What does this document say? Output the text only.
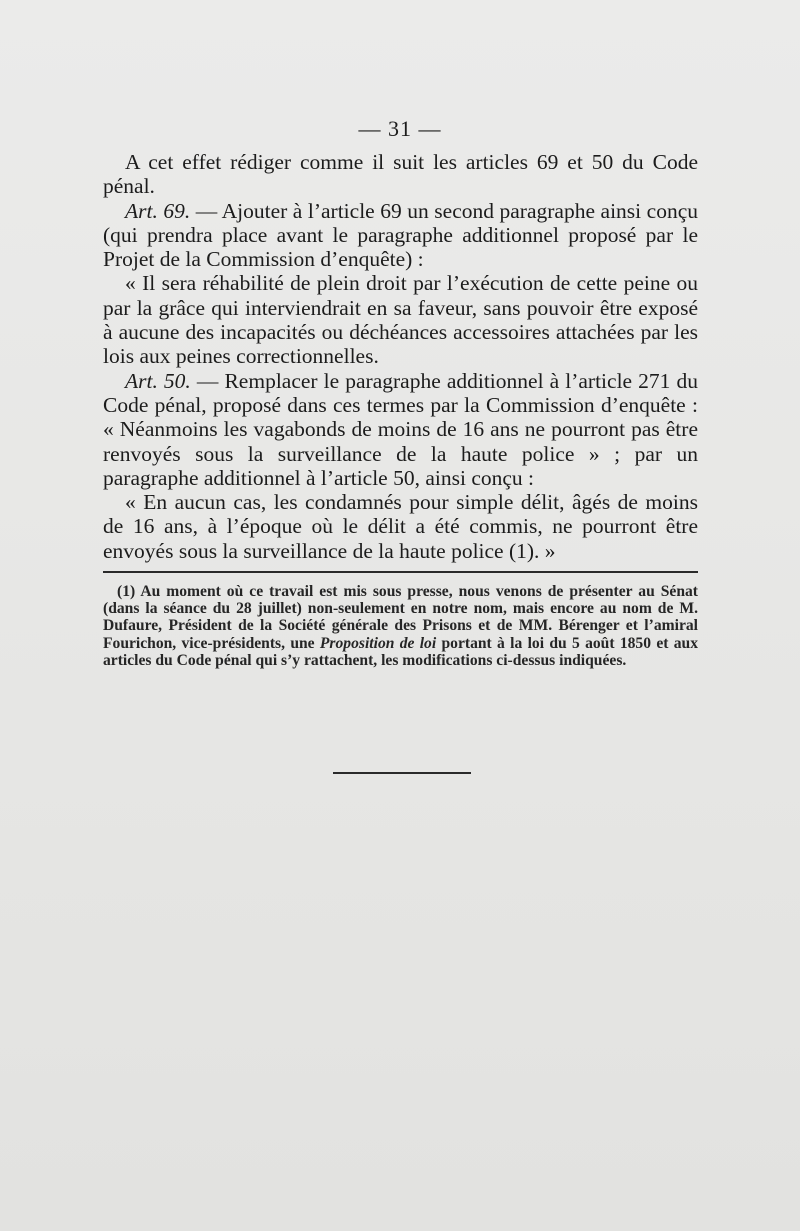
— 31 —

A cet effet rédiger comme il suit les articles 69 et 50 du Code pénal.

Art. 69. — Ajouter à l’article 69 un second paragraphe ainsi conçu (qui prendra place avant le paragraphe additionnel proposé par le Projet de la Commission d’enquête) :

« Il sera réhabilité de plein droit par l’exécution de cette peine ou par la grâce qui interviendrait en sa faveur, sans pouvoir être exposé à aucune des incapacités ou déchéances accessoires attachées par les lois aux peines correctionnelles.

Art. 50. — Remplacer le paragraphe additionnel à l’article 271 du Code pénal, proposé dans ces termes par la Commission d’enquête : « Néanmoins les vagabonds de moins de 16 ans ne pourront pas être renvoyés sous la surveillance de la haute police » ; par un paragraphe additionnel à l’article 50, ainsi conçu :

« En aucun cas, les condamnés pour simple délit, âgés de moins de 16 ans, à l’époque où le délit a été commis, ne pourront être envoyés sous la surveillance de la haute police (1). »

(1) Au moment où ce travail est mis sous presse, nous venons de présenter au Sénat (dans la séance du 28 juillet) non-seulement en notre nom, mais encore au nom de M. Dufaure, Président de la Société générale des Prisons et de MM. Bérenger et l’amiral Fourichon, vice-présidents, une Proposition de loi portant à la loi du 5 août 1850 et aux articles du Code pénal qui s’y rattachent, les modifications ci-dessus indiquées.
